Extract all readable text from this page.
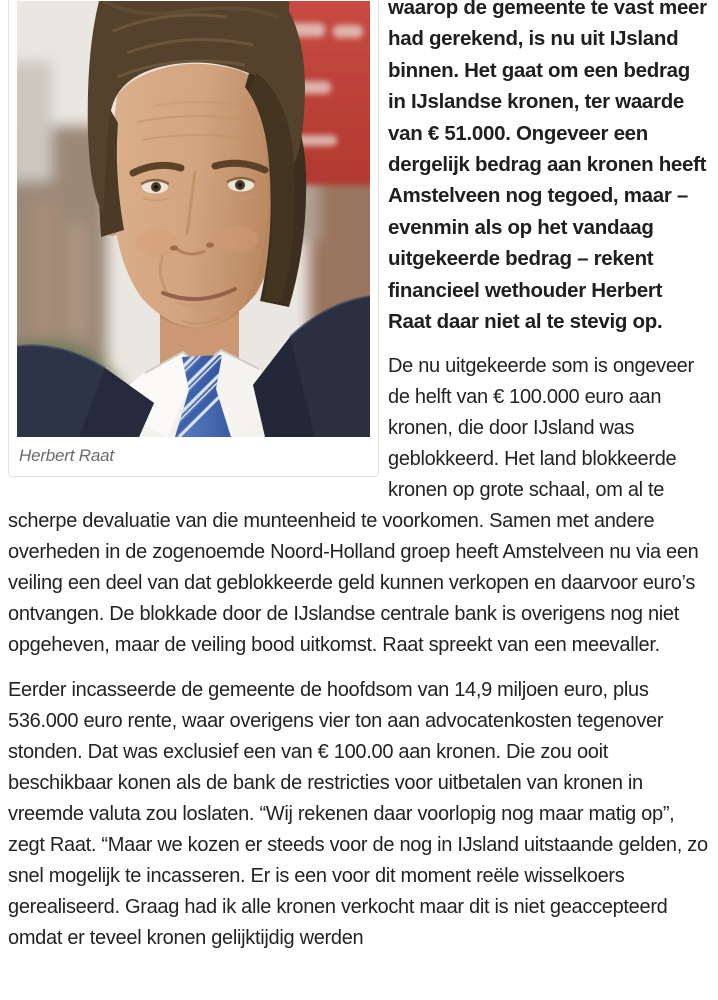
Herbert Raat

waarop de gemeente te vast meer had gerekend, is nu uit IJsland binnen. Het gaat om een bedrag in IJslandse kronen, ter waarde van € 51.000. Ongeveer een dergelijk bedrag aan kronen heeft Amstelveen nog tegoed, maar – evenmin als op het vandaag uitgekeerde bedrag – rekent financieel wethouder Herbert Raat daar niet al te stevig op.

De nu uitgekeerde som is ongeveer de helft van € 100.000 euro aan kronen, die door IJsland was geblokkeerd. Het land blokkeerde kronen op grote schaal, om al te scherpe devaluatie van die munteenheid te voorkomen. Samen met andere overheden in de zogenoemde Noord-Holland groep heeft Amstelveen nu via een veiling een deel van dat geblokkeerde geld kunnen verkopen en daarvoor euro’s ontvangen. De blokkade door de IJslandse centrale bank is overigens nog niet opgeheven, maar de veiling bood uitkomst. Raat spreekt van een meevaller.

Eerder incasseerde de gemeente de hoofdsom van 14,9 miljoen euro, plus 536.000 euro rente, waar overigens vier ton aan advocatenkosten tegenover stonden. Dat was exclusief een van € 100.00 aan kronen. Die zou ooit beschikbaar konen als de bank de restricties voor uitbetalen van kronen in vreemde valuta zou loslaten. “Wij rekenen daar voorlopig nog maar matig op”, zegt Raat. “Maar we kozen er steeds voor de nog in IJsland uitstaande gelden, zo snel mogelijk te incasseren. Er is een voor dit moment reële wisselkoers gerealiseerd. Graag had ik alle kronen verkocht maar dit is niet geaccepteerd omdat er teveel kronen gelijktijdig werden
